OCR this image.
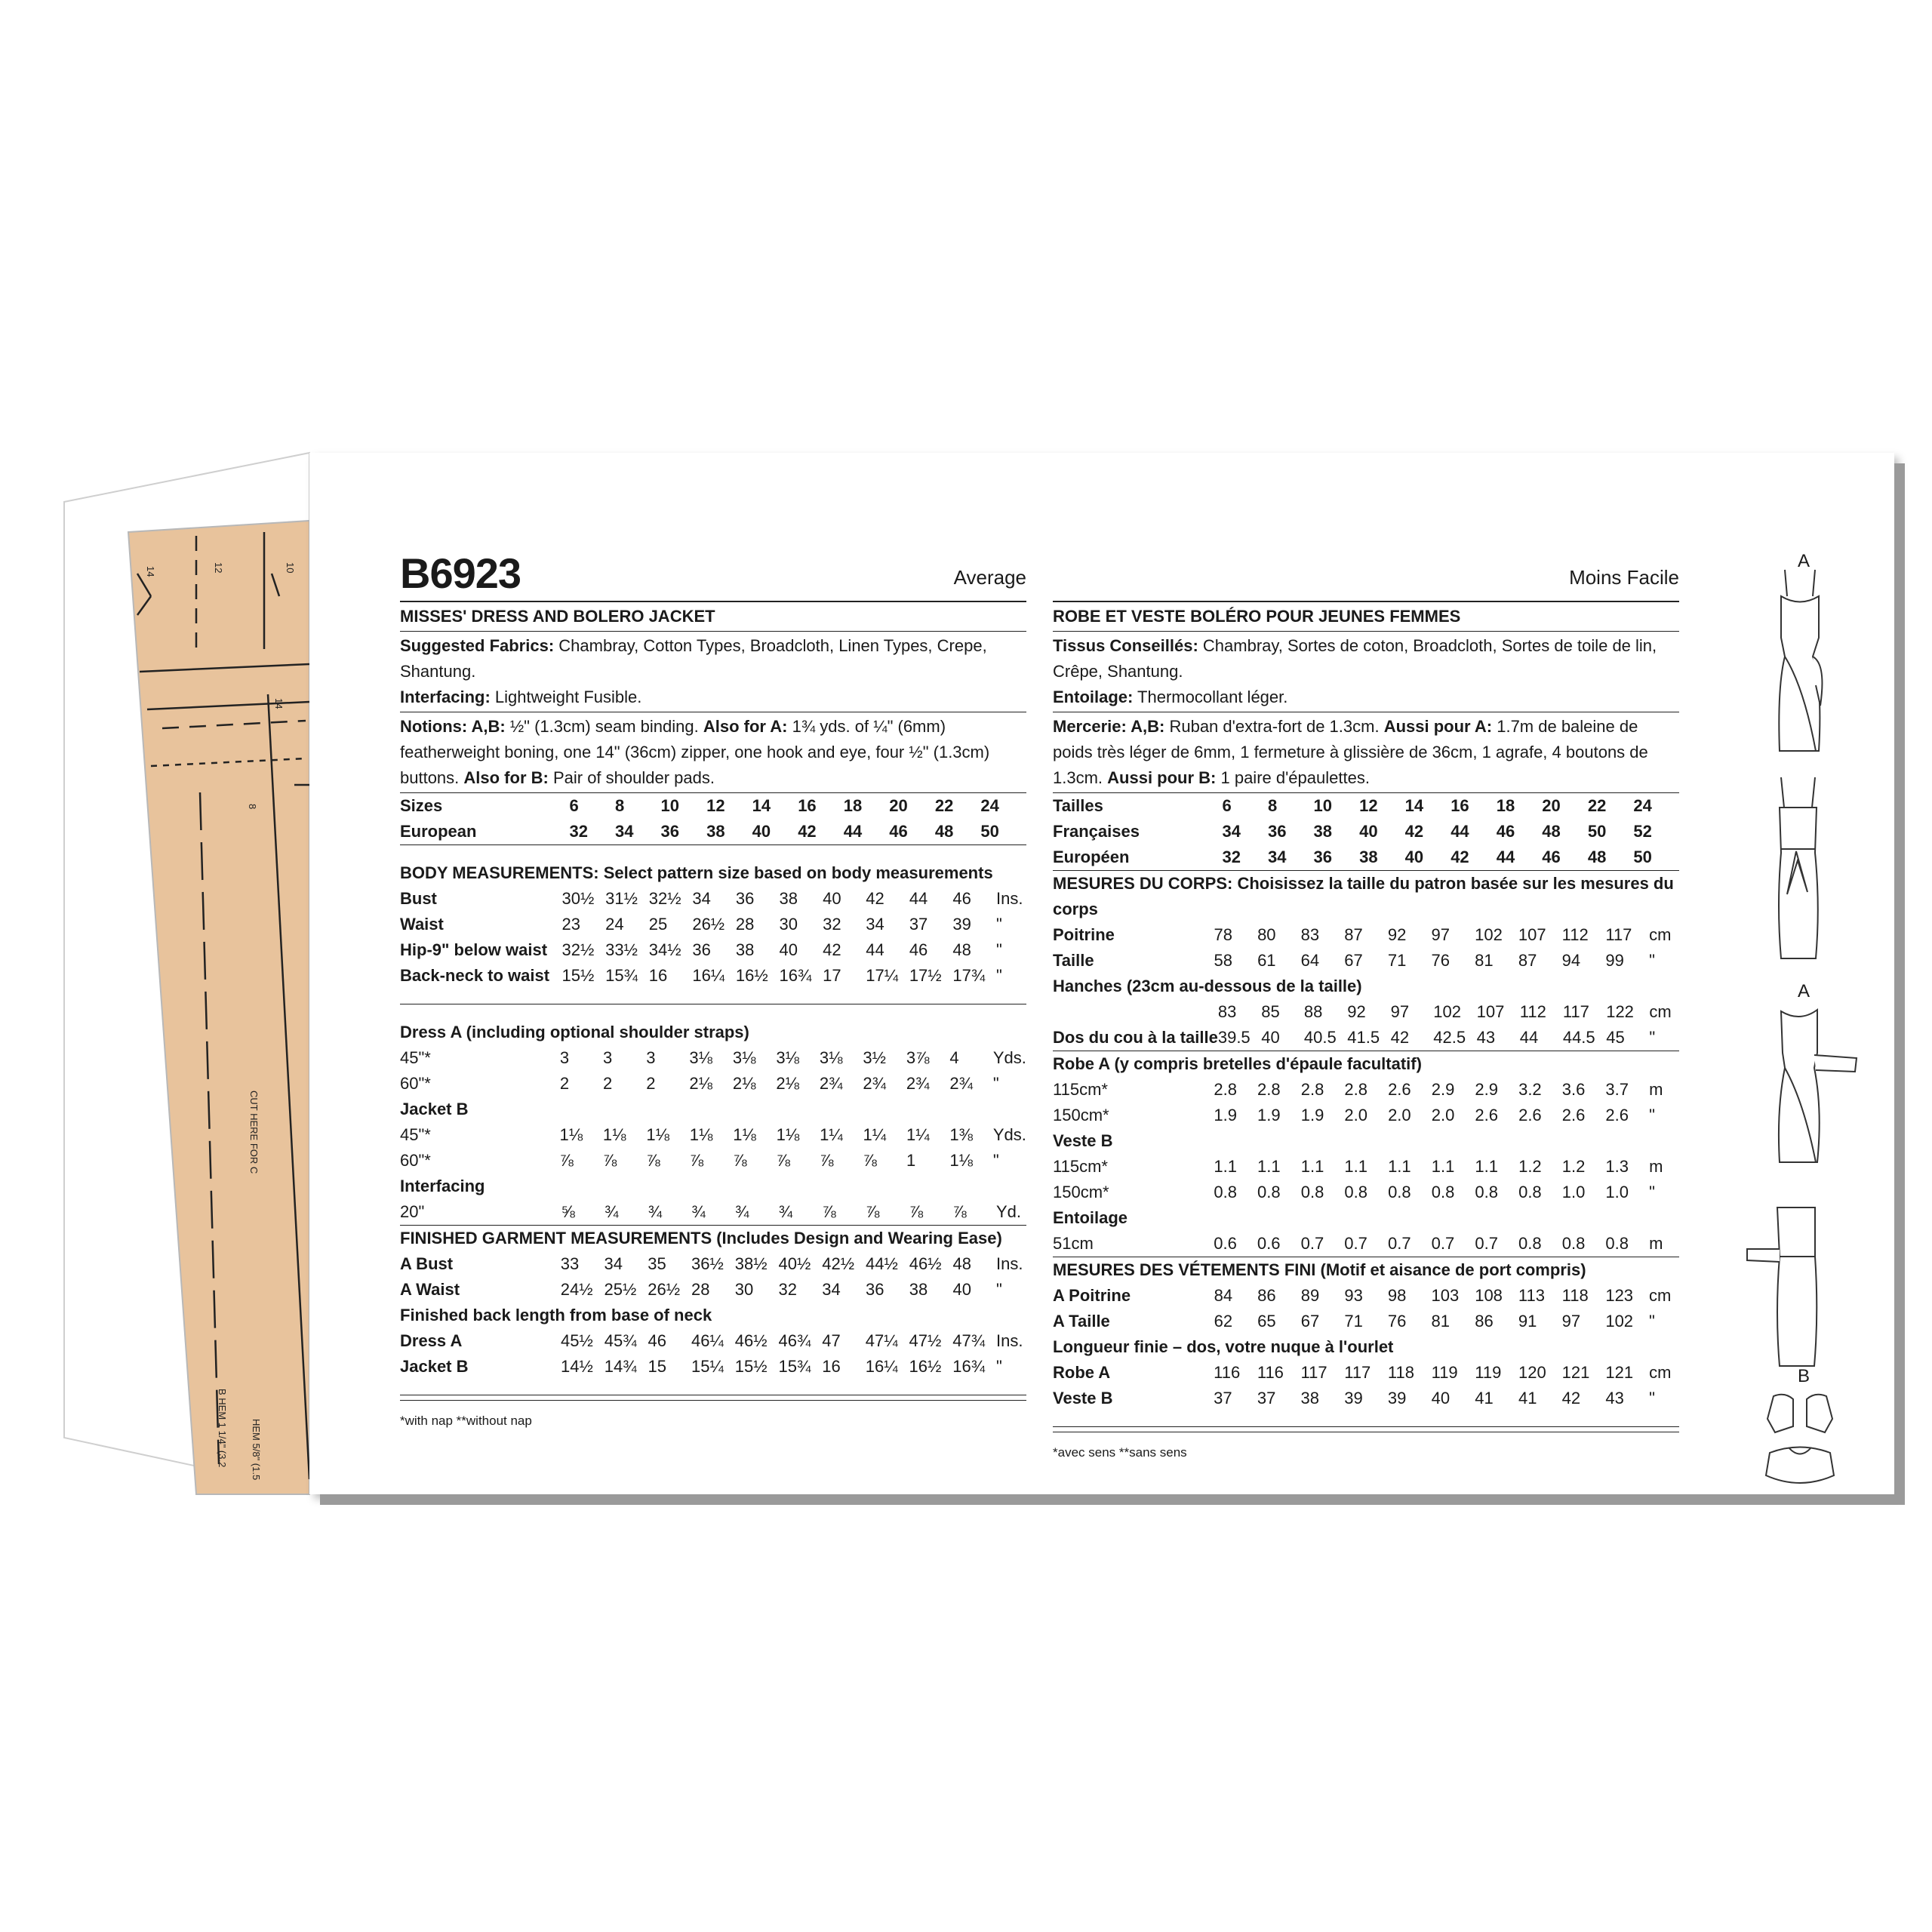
14	12	10
14
8
CUT HERE FOR C
B HEM 1 1/4" (3.2 HEM 5/8" (1.5
B6923	Average
MISSES' DRESS AND BOLERO JACKET
Suggested Fabrics: Chambray, Cotton Types, Broadcloth, Linen Types, Crepe, Shantung.
Interfacing: Lightweight Fusible.
Notions: A,B: ½" (1.3cm) seam binding. Also for A: 1¾ yds. of ¼" (6mm) featherweight boning, one 14" (36cm) zipper, one hook and eye, four ½" (1.3cm) buttons. Also for B: Pair of shoulder pads.
Sizes	6	8	10	12	14	16	18	20	22	24
European	32	34	36	38	40	42	44	46	48	50
BODY MEASUREMENTS: Select pattern size based on body measurements
Bust	30½	31½	32½	34	36	38	40	42	44	46	Ins.
Waist	23	24	25	26½	28	30	32	34	37	39	"
Hip-9" below waist	32½	33½	34½	36	38	40	42	44	46	48	"
Back-neck to waist	15½	15¾	16	16¼	16½	16¾	17	17¼	17½	17¾	"
Dress A (including optional shoulder straps)
45"*	3	3	3	3⅛	3⅛	3⅛	3⅛	3½	3⅞	4	Yds.
60"*	2	2	2	2⅛	2⅛	2⅛	2¾	2¾	2¾	2¾	"
Jacket B
45"*	1⅛	1⅛	1⅛	1⅛	1⅛	1⅛	1¼	1¼	1¼	1⅜	Yds.
60"*	⅞	⅞	⅞	⅞	⅞	⅞	⅞	⅞	1	1⅛	"
Interfacing
20"	⅝	¾	¾	¾	¾	¾	⅞	⅞	⅞	⅞	Yd.
FINISHED GARMENT MEASUREMENTS (Includes Design and Wearing Ease)
A Bust	33	34	35	36½	38½	40½	42½	44½	46½	48	Ins.
A Waist	24½	25½	26½	28	30	32	34	36	38	40	"
Finished back length from base of neck
Dress A	45½	45¾	46	46¼	46½	46¾	47	47¼	47½	47¾	Ins.
Jacket B	14½	14¾	15	15¼	15½	15¾	16	16¼	16½	16¾	"
*with nap **without nap
Moins Facile
ROBE ET VESTE BOLÉRO POUR JEUNES FEMMES
Tissus Conseillés: Chambray, Sortes de coton, Broadcloth, Sortes de toile de lin, Crêpe, Shantung.
Entoilage: Thermocollant léger.
Mercerie: A,B: Ruban d'extra-fort de 1.3cm. Aussi pour A: 1.7m de baleine de poids très léger de 6mm, 1 fermeture à glissière de 36cm, 1 agrafe, 4 boutons de 1.3cm. Aussi pour B: 1 paire d'épaulettes.
Tailles	6	8	10	12	14	16	18	20	22	24
Françaises	34	36	38	40	42	44	46	48	50	52
Européen	32	34	36	38	40	42	44	46	48	50
MESURES DU CORPS: Choisissez la taille du patron basée sur les mesures du corps
Poitrine	78	80	83	87	92	97	102	107	112	117	cm
Taille	58	61	64	67	71	76	81	87	94	99	"
Hanches (23cm au-dessous de la taille)
	83	85	88	92	97	102	107	112	117	122	cm
Dos du cou à la taille	39.5	40	40.5	41.5	42	42.5	43	44	44.5	45	"
Robe A (y compris bretelles d'épaule facultatif)
115cm*	2.8	2.8	2.8	2.8	2.6	2.9	2.9	3.2	3.6	3.7	m
150cm*	1.9	1.9	1.9	2.0	2.0	2.0	2.6	2.6	2.6	2.6	"
Veste B
115cm*	1.1	1.1	1.1	1.1	1.1	1.1	1.1	1.2	1.2	1.3	m
150cm*	0.8	0.8	0.8	0.8	0.8	0.8	0.8	0.8	1.0	1.0	"
Entoilage
51cm	0.6	0.6	0.7	0.7	0.7	0.7	0.7	0.8	0.8	0.8	m
MESURES DES VÉTEMENTS FINI (Motif et aisance de port compris)
A Poitrine	84	86	89	93	98	103	108	113	118	123	cm
A Taille	62	65	67	71	76	81	86	91	97	102	"
Longueur finie – dos, votre nuque à l'ourlet
Robe A	116	116	117	117	118	119	119	120	121	121	cm
Veste B	37	37	38	39	39	40	41	41	42	43	"
*avec sens **sans sens
A
A
B
